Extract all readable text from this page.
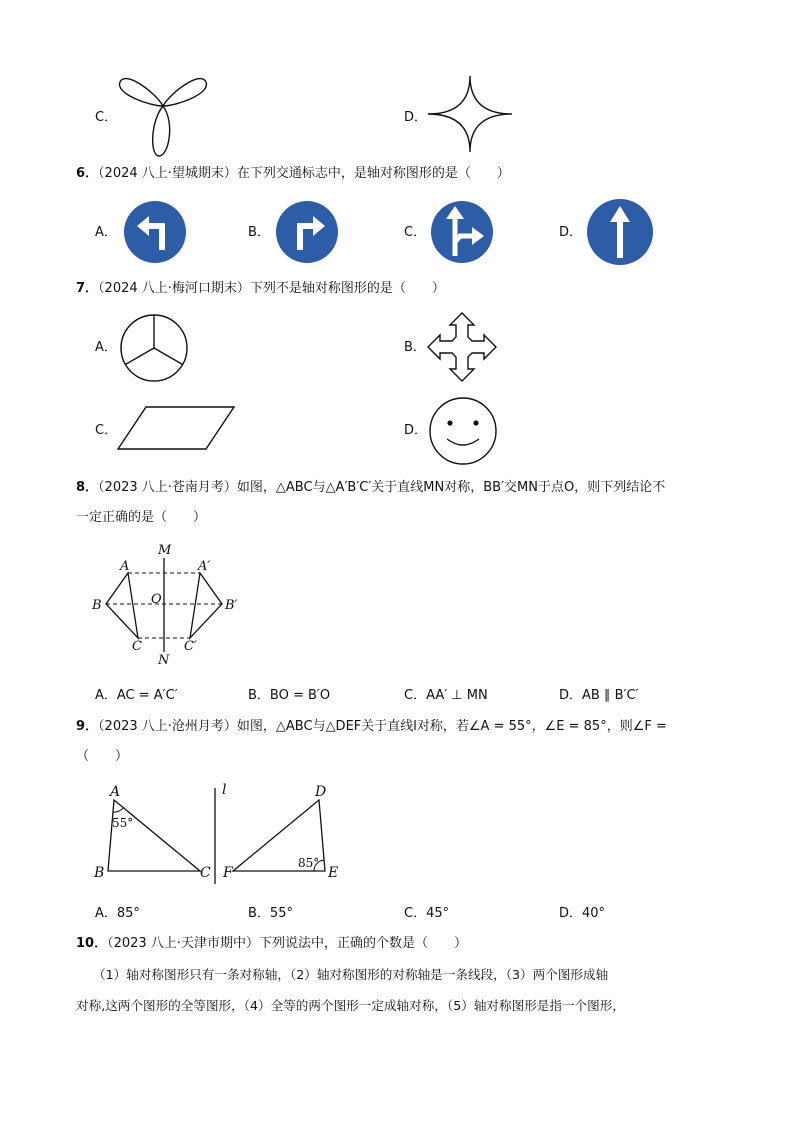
C．	D．
6．（2024 八上·望城期末）在下列交通标志中，是轴对称图形的是（　　）
A．	B．	C．	D．
7．（2024 八上·梅河口期末）下列不是轴对称图形的是（　　）
A．	B．
C．	D．
8．（2023 八上·苍南月考）如图，△ABC与△A′B′C′关于直线MN对称，BB′交MN于点O，则下列结论不
一定正确的是（　　）
M
N
O
A	A′
B	B′
C	C′
A．AC = A′C′	B．BO = B′O	C．AA′ ⊥ MN	D．AB ∥ B′C′
9．（2023 八上·沧州月考）如图，△ABC与△DEF关于直线l对称，若∠A = 55°，∠E = 85°，则∠F =
（　　）
A
B	C
D
E
F
l
55°
85°
A．85°	B．55°	C．45°	D．40°
10．（2023 八上·天津市期中）下列说法中，正确的个数是（　　）
（1）轴对称图形只有一条对称轴，（2）轴对称图形的对称轴是一条线段，（3）两个图形成轴
对称,这两个图形的全等图形，（4）全等的两个图形一定成轴对称，（5）轴对称图形是指一个图形，
